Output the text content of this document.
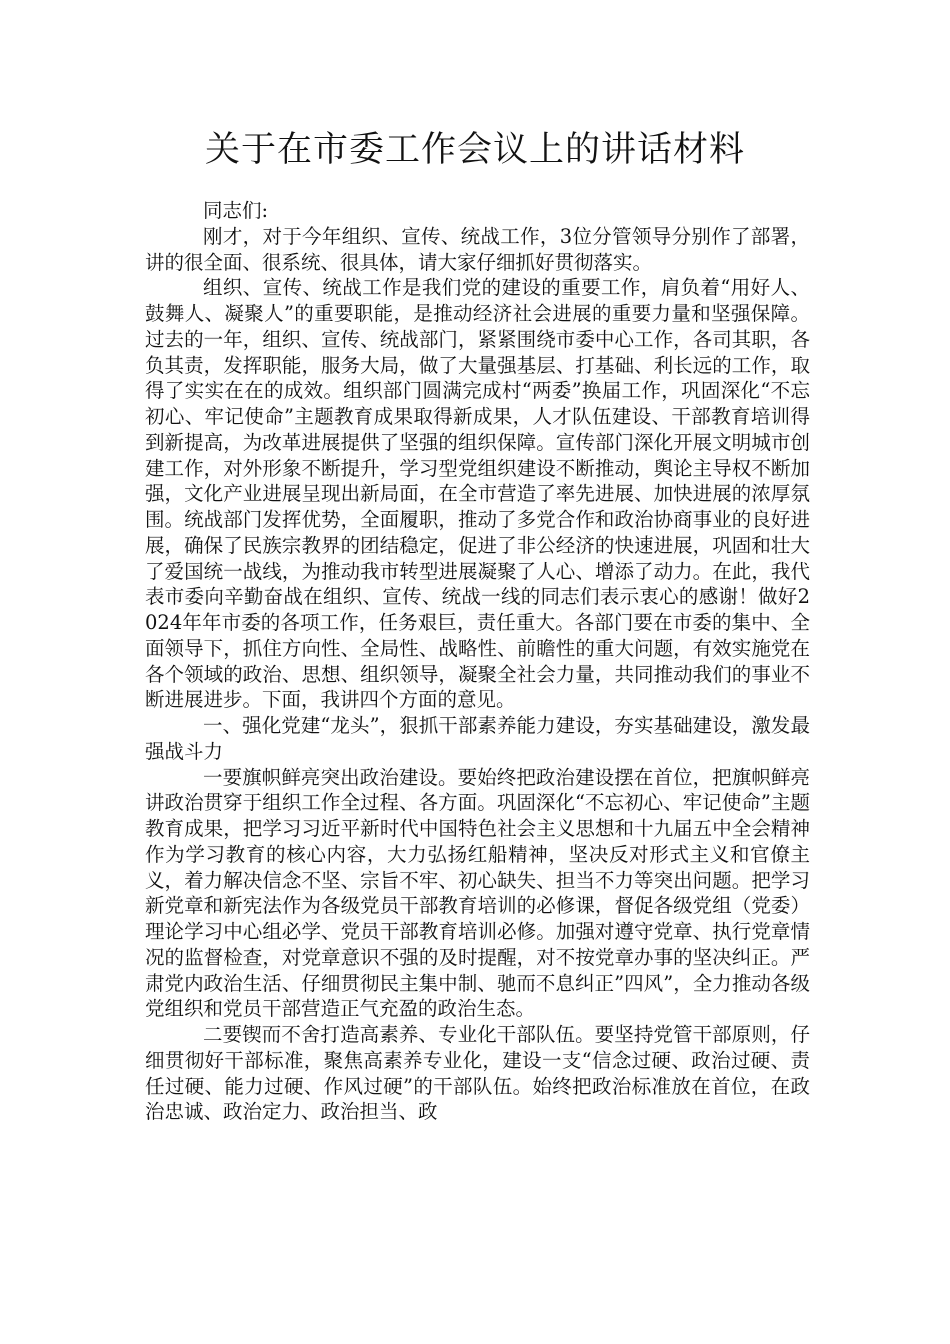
关于在市委工作会议上的讲话材料

同志们:

刚才，对于今年组织、宣传、统战工作，3位分管领导分别作了部署，讲的很全面、很系统、很具体，请大家仔细抓好贯彻落实。

组织、宣传、统战工作是我们党的建设的重要工作，肩负着“用好人、鼓舞人、凝聚人”的重要职能，是推动经济社会进展的重要力量和坚强保障。过去的一年，组织、宣传、统战部门，紧紧围绕市委中心工作，各司其职，各负其责，发挥职能，服务大局，做了大量强基层、打基础、利长远的工作，取得了实实在在的成效。组织部门圆满完成村“两委”换届工作，巩固深化“不忘初心、牢记使命”主题教育成果取得新成果，人才队伍建设、干部教育培训得到新提高，为改革进展提供了坚强的组织保障。宣传部门深化开展文明城市创建工作，对外形象不断提升，学习型党组织建设不断推动，舆论主导权不断加强，文化产业进展呈现出新局面，在全市营造了率先进展、加快进展的浓厚氛围。统战部门发挥优势，全面履职，推动了多党合作和政治协商事业的良好进展，确保了民族宗教界的团结稳定，促进了非公经济的快速进展，巩固和壮大了爱国统一战线，为推动我市转型进展凝聚了人心、增添了动力。在此，我代表市委向辛勤奋战在组织、宣传、统战一线的同志们表示衷心的感谢！做好2024年年市委的各项工作，任务艰巨，责任重大。各部门要在市委的集中、全面领导下，抓住方向性、全局性、战略性、前瞻性的重大问题，有效实施党在各个领域的政治、思想、组织领导，凝聚全社会力量，共同推动我们的事业不断进展进步。下面，我讲四个方面的意见。

一、强化党建“龙头”，狠抓干部素养能力建设，夯实基础建设，激发最强战斗力

一要旗帜鲜亮突出政治建设。要始终把政治建设摆在首位，把旗帜鲜亮讲政治贯穿于组织工作全过程、各方面。巩固深化“不忘初心、牢记使命”主题教育成果，把学习习近平新时代中国特色社会主义思想和十九届五中全会精神作为学习教育的核心内容，大力弘扬红船精神，坚决反对形式主义和官僚主义，着力解决信念不坚、宗旨不牢、初心缺失、担当不力等突出问题。把学习新党章和新宪法作为各级党员干部教育培训的必修课，督促各级党组（党委）理论学习中心组必学、党员干部教育培训必修。加强对遵守党章、执行党章情况的监督检查，对党章意识不强的及时提醒，对不按党章办事的坚决纠正。严肃党内政治生活、仔细贯彻民主集中制、驰而不息纠正”四风”，全力推动各级党组织和党员干部营造正气充盈的政治生态。

二要锲而不舍打造高素养、专业化干部队伍。要坚持党管干部原则，仔细贯彻好干部标准，聚焦高素养专业化，建设一支“信念过硬、政治过硬、责任过硬、能力过硬、作风过硬”的干部队伍。始终把政治标准放在首位，在政治忠诚、政治定力、政治担当、政
